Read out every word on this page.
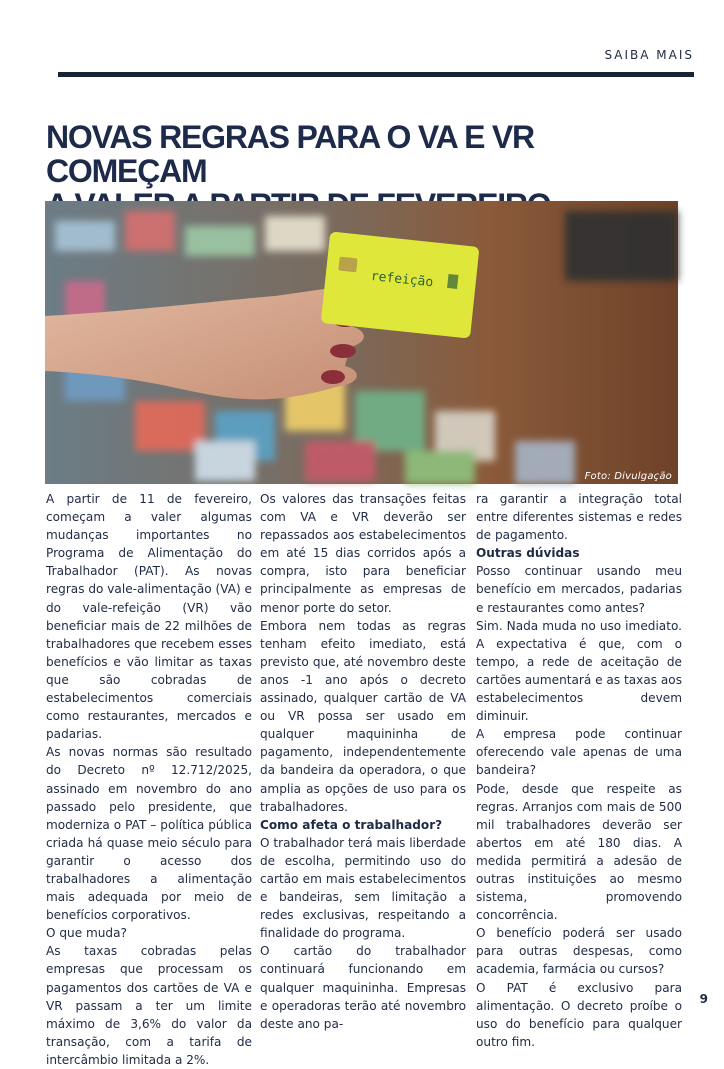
SAIBA MAIS
NOVAS REGRAS PARA O VA E VR COMEÇAM
refeição
Foto: Divulgação

A partir de 11 de fevereiro, começam a valer algumas mudanças importantes no Programa de Alimentação do Trabalhador (PAT). As novas regras do vale-alimentação (VA) e do vale-refeição (VR) vão beneficiar mais de 22 milhões de trabalhadores que recebem esses benefícios e vão limitar as taxas que são cobradas de estabelecimentos comerciais como restaurantes, mercados e padarias.

As novas normas são resultado do Decreto nº 12.712/2025, assinado em novembro do ano passado pelo presidente, que moderniza o PAT – política pública criada há quase meio século para garantir o acesso dos trabalhadores a alimentação mais adequada por meio de benefícios corporativos.

O que muda?

As taxas cobradas pelas empresas que processam os pagamentos dos cartões de VA e VR passam a ter um limite máximo de 3,6% do valor da transação, com a tarifa de intercâmbio limitada a 2%.

Os valores das transações feitas com VA e VR deverão ser repassados aos estabelecimentos em até 15 dias corridos após a compra, isto para beneficiar principalmente as empresas de menor porte do setor.

Embora nem todas as regras tenham efeito imediato, está previsto que, até novembro deste anos -1 ano após o decreto assinado, qualquer cartão de VA ou VR possa ser usado em qualquer maquininha de pagamento, independentemente da bandeira da operadora, o que amplia as opções de uso para os trabalhadores.

Como afeta o trabalhador?

O trabalhador terá mais liberdade de escolha, permitindo uso do cartão em mais estabelecimentos e bandeiras, sem limitação a redes exclusivas, respeitando a finalidade do programa.

O cartão do trabalhador continuará funcionando em qualquer maquininha. Empresas e operadoras terão até novembro deste ano pa-

ra garantir a integração total entre diferentes sistemas e redes de pagamento.

Outras dúvidas

Posso continuar usando meu benefício em mercados, padarias e restaurantes como antes?

Sim. Nada muda no uso imediato. A expectativa é que, com o tempo, a rede de aceitação de cartões aumentará e as taxas aos estabelecimentos devem diminuir.

A empresa pode continuar oferecendo vale apenas de uma bandeira?

Pode, desde que respeite as regras. Arranjos com mais de 500 mil trabalhadores deverão ser abertos em até 180 dias. A medida permitirá a adesão de outras instituições ao mesmo sistema, promovendo concorrência.

O benefício poderá ser usado para outras despesas, como academia, farmácia ou cursos?

O PAT é exclusivo para alimentação. O decreto proíbe o uso do benefício para qualquer outro fim.

9
